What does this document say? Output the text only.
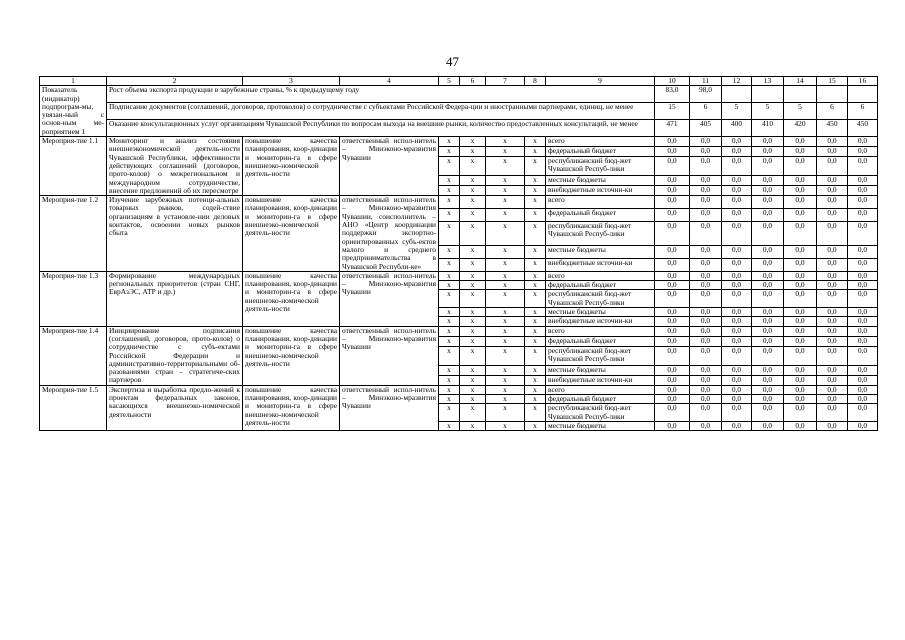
47
1	2	3	4	5	6	7	8	9	10	11	12	13	14	15	16
Показатель (индикатор) подпрограм-мы, увязан-ный с основ-ным ме-роприятием 1	Рост объема экспорта продукции в зарубежные страны, % к предыдущему году								83,0	98,0					
	Подписание документов (соглашений, договоров, протоколов) о сотрудничестве с субъектами Российской Федера-ции и иностранными партнерами, единиц, не менее								15	6	5	5	5	6	6
	Оказание консультационных услуг организациям Чувашской Республики по вопросам выхода на внешние рынки, количество предоставленных консультаций, не менее								471	405	400	410	420	450	450
Мероприя-тие 1.1	Мониторинг и анализ состояния внешнеэкономической деятель-ности Чувашской Республики, эффективности действующих соглашений (договоров, прото-колов) о межрегиональном и международном сотрудничестве, внесение предложений об их пересмотре	повышение качества планирования, коор-динации и мониторин-га в сфере внешнеэко-номической деятель-ности	ответственный испол-нитель – Минэконо-мразвития Чувашии	x	x	x	x	всего	0,0	0,0	0,0	0,0	0,0	0,0	0,0
				x	x	x	x	федеральный бюджет	0,0	0,0	0,0	0,0	0,0	0,0	0,0
				x	x	x	x	республиканский бюд-жет Чувашской Респуб-лики	0,0	0,0	0,0	0,0	0,0	0,0	0,0
				x	x	x	x	местные бюджеты	0,0	0,0	0,0	0,0	0,0	0,0	0,0
				x	x	x	x	внебюджетные источни-ки	0,0	0,0	0,0	0,0	0,0	0,0	0,0
Мероприя-тие 1.2	Изучение зарубежных потенци-альных товарных рынков, содей-ствие организациям в установле-нии деловых контактов, освоении новых рынков сбыта	повышение качества планирования, коор-динации и мониторин-га в сфере внешнеэко-номической деятель-ности	ответственный испол-нитель – Минэконо-мразвития Чувашии, соисполнитель – АНО «Центр координации поддержки экспортно-ориентированных субъ-ектов малого и среднего предпринимательства в Чувашской Республи-ке»	x	x	x	x	всего	0,0	0,0	0,0	0,0	0,0	0,0	0,0
				x	x	x	x	федеральный бюджет	0,0	0,0	0,0	0,0	0,0	0,0	0,0
				x	x	x	x	республиканский бюд-жет Чувашской Респуб-лики	0,0	0,0	0,0	0,0	0,0	0,0	0,0
				x	x	x	x	местные бюджеты	0,0	0,0	0,0	0,0	0,0	0,0	0,0
				x	x	x	x	внебюджетные источни-ки	0,0	0,0	0,0	0,0	0,0	0,0	0,0
Мероприя-тие 1.3	Формирование международных региональных приоритетов (стран СНГ, ЕврАзЭС, АТР и др.)	повышение качества планирования, коор-динации и мониторин-га в сфере внешнеэко-номической деятель-ности	ответственный испол-нитель – Минэконо-мразвития Чувашии	x	x	x	x	всего	0,0	0,0	0,0	0,0	0,0	0,0	0,0
				x	x	x	x	федеральный бюджет	0,0	0,0	0,0	0,0	0,0	0,0	0,0
				x	x	x	x	республиканский бюд-жет Чувашской Респуб-лики	0,0	0,0	0,0	0,0	0,0	0,0	0,0
				x	x	x	x	местные бюджеты	0,0	0,0	0,0	0,0	0,0	0,0	0,0
				x	x	x	x	внебюджетные источни-ки	0,0	0,0	0,0	0,0	0,0	0,0	0,0
Мероприя-тие 1.4	Инициирование подписания (соглашений, договоров, прото-колов) о сотрудничестве с субъ-ектами Российской Федерации и административно-территориальными об-разованиями стран – стратегиче-ских партнеров	повышение качества планирования, коор-динации и мониторин-га в сфере внешнеэко-номической деятель-ности	ответственный испол-нитель – Минэконо-мразвития Чувашии	x	x	x	x	всего	0,0	0,0	0,0	0,0	0,0	0,0	0,0
				x	x	x	x	федеральный бюджет	0,0	0,0	0,0	0,0	0,0	0,0	0,0
				x	x	x	x	республиканский бюд-жет Чувашской Респуб-лики	0,0	0,0	0,0	0,0	0,0	0,0	0,0
				x	x	x	x	местные бюджеты	0,0	0,0	0,0	0,0	0,0	0,0	0,0
				x	x	x	x	внебюджетные источни-ки	0,0	0,0	0,0	0,0	0,0	0,0	0,0
Мероприя-тие 1.5	Экспертиза и выработка предло-жений к проектам федеральных законов, касающихся внешнеэко-номической деятельности	повышение качества планирования, коор-динации и мониторин-га в сфере внешнеэко-номической деятель-ности	ответственный испол-нитель – Минэконо-мразвития Чувашии	x	x	x	x	всего	0,0	0,0	0,0	0,0	0,0	0,0	0,0
				x	x	x	x	федеральный бюджет	0,0	0,0	0,0	0,0	0,0	0,0	0,0
				x	x	x	x	республиканский бюд-жет Чувашской Респуб-лики	0,0	0,0	0,0	0,0	0,0	0,0	0,0
				x	x	x	x	местные бюджеты	0,0	0,0	0,0	0,0	0,0	0,0	0,0
